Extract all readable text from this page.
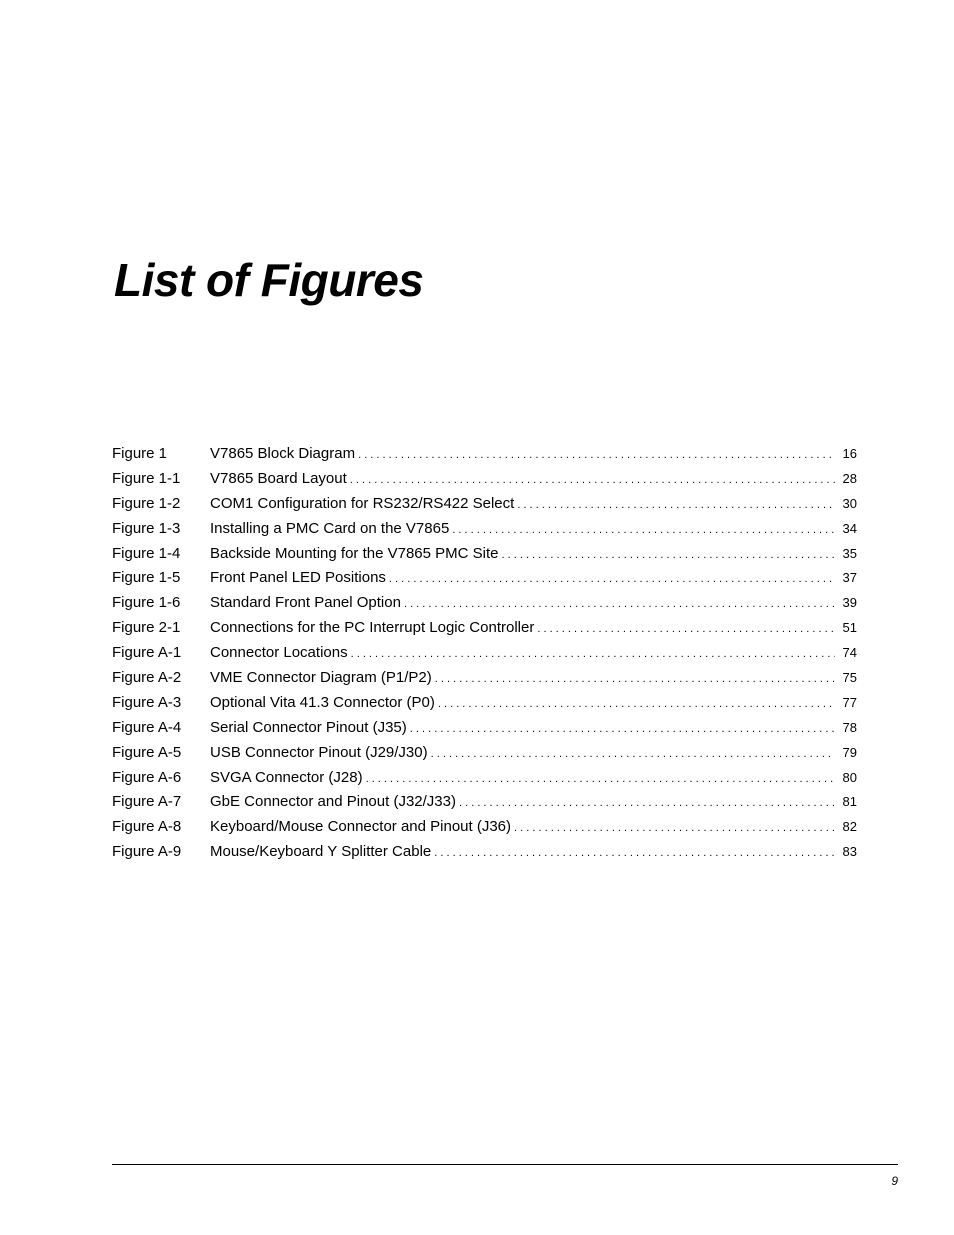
List of Figures
Figure 1	V7865 Block Diagram . . .	16
Figure 1-1	V7865 Board Layout . . .	28
Figure 1-2	COM1 Configuration for RS232/RS422 Select . . .	30
Figure 1-3	Installing a PMC Card on the V7865 . . .	34
Figure 1-4	Backside Mounting for the V7865 PMC Site . . .	35
Figure 1-5	Front Panel LED Positions . . .	37
Figure 1-6	Standard Front Panel Option . . .	39
Figure 2-1	Connections for the PC Interrupt Logic Controller . . .	51
Figure A-1	Connector Locations . . .	74
Figure A-2	VME Connector Diagram (P1/P2) . . .	75
Figure A-3	Optional Vita 41.3 Connector (P0) . . .	77
Figure A-4	Serial Connector Pinout (J35) . . .	78
Figure A-5	USB Connector Pinout (J29/J30) . . .	79
Figure A-6	SVGA Connector (J28) . . .	80
Figure A-7	GbE Connector and Pinout (J32/J33) . . .	81
Figure A-8	Keyboard/Mouse Connector and Pinout (J36) . . .	82
Figure A-9	Mouse/Keyboard Y Splitter Cable . . .	83
9
